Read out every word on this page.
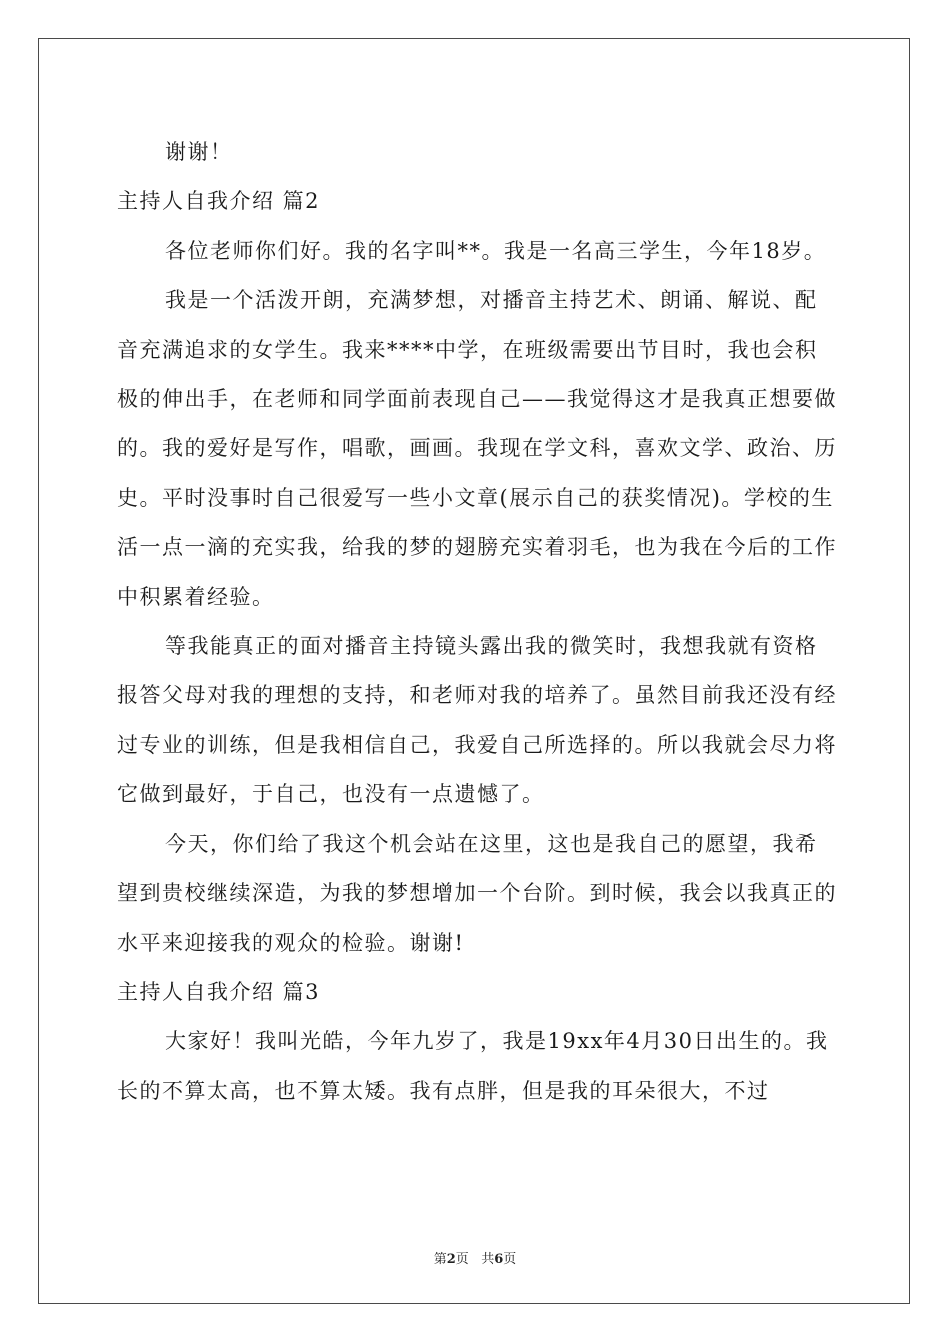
谢谢！

主持人自我介绍 篇2

各位老师你们好。我的名字叫**。我是一名高三学生，今年18岁。

我是一个活泼开朗，充满梦想，对播音主持艺术、朗诵、解说、配音充满追求的女学生。我来****中学，在班级需要出节目时，我也会积极的伸出手，在老师和同学面前表现自己——我觉得这才是我真正想要做的。我的爱好是写作，唱歌，画画。我现在学文科，喜欢文学、政治、历史。平时没事时自己很爱写一些小文章(展示自己的获奖情况)。学校的生活一点一滴的充实我，给我的梦的翅膀充实着羽毛，也为我在今后的工作中积累着经验。

等我能真正的面对播音主持镜头露出我的微笑时，我想我就有资格报答父母对我的理想的支持，和老师对我的培养了。虽然目前我还没有经过专业的训练，但是我相信自己，我爱自己所选择的。所以我就会尽力将它做到最好，于自己，也没有一点遗憾了。

今天，你们给了我这个机会站在这里，这也是我自己的愿望，我希望到贵校继续深造，为我的梦想增加一个台阶。到时候，我会以我真正的水平来迎接我的观众的检验。谢谢!

主持人自我介绍 篇3

大家好！我叫光皓，今年九岁了，我是19xx年4月30日出生的。我长的不算太高，也不算太矮。我有点胖，但是我的耳朵很大，不过

第2页 共6页
